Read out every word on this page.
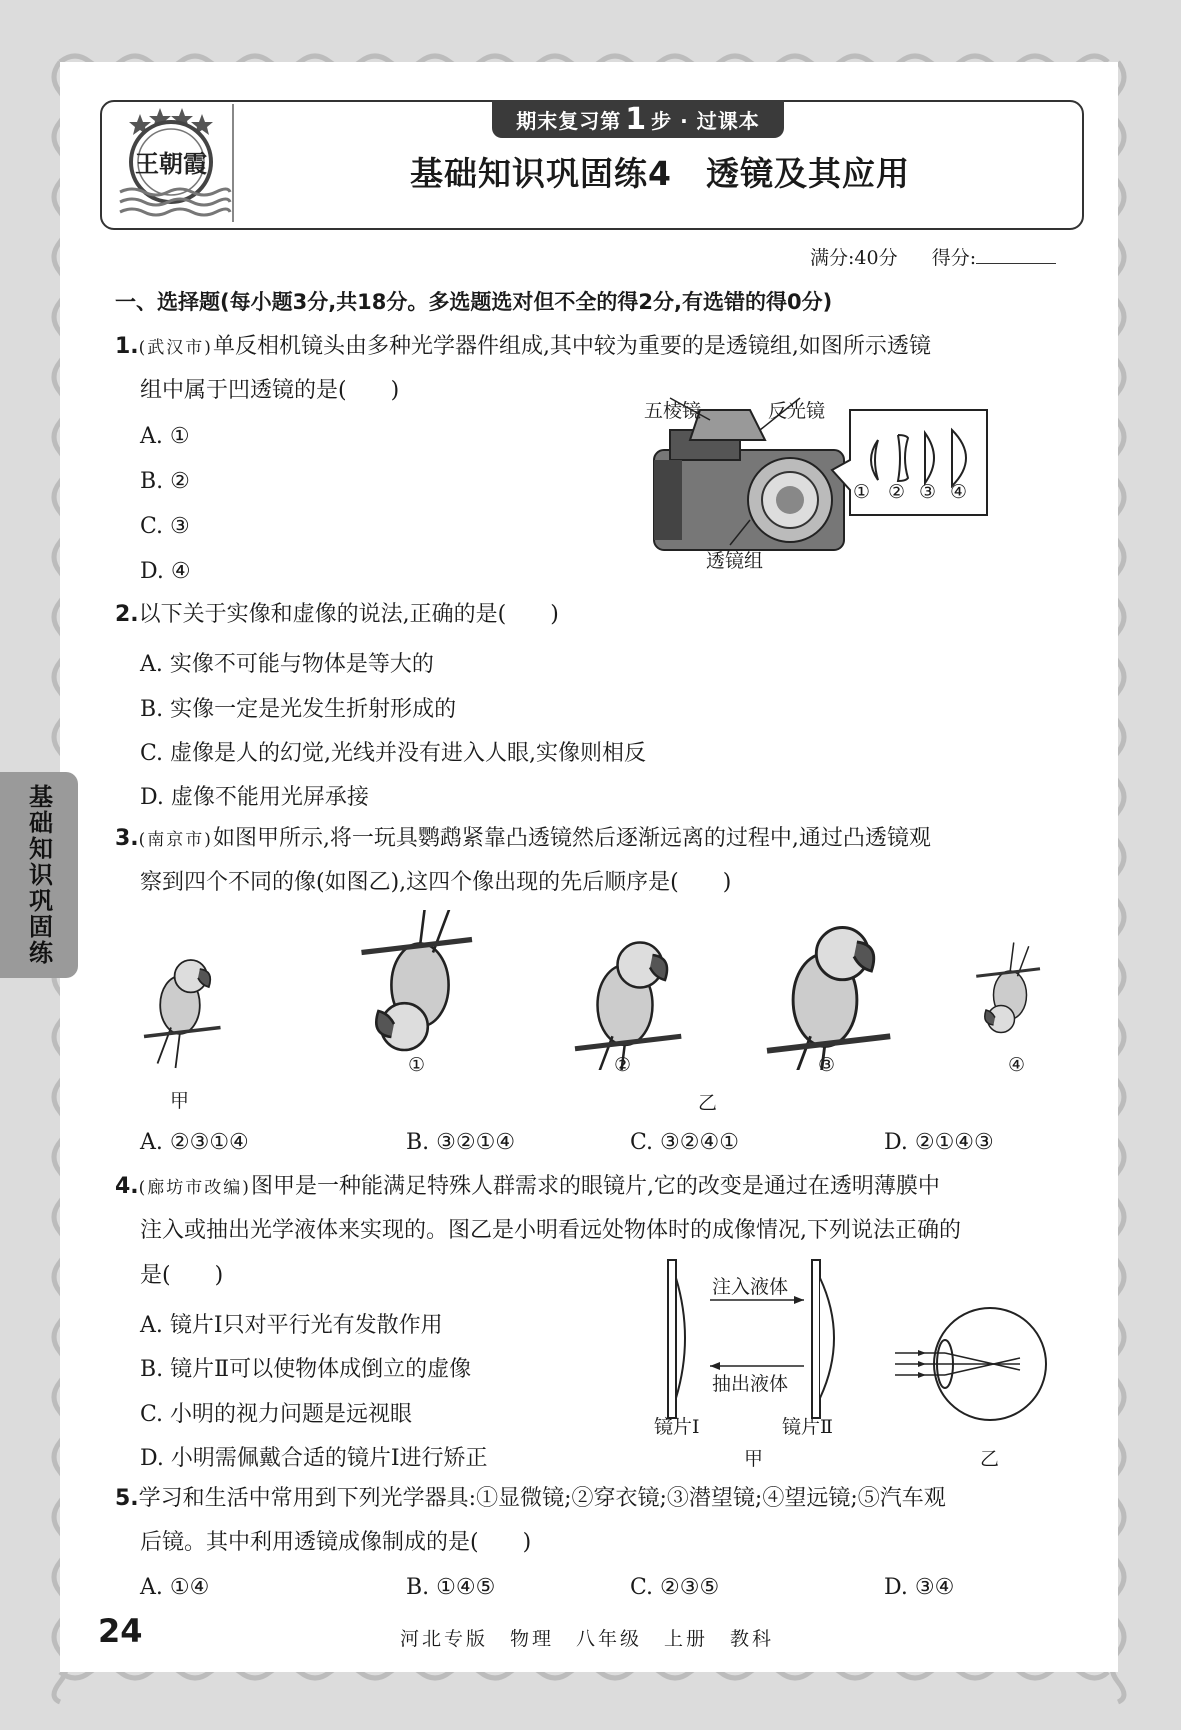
期末复习第 1 步 · 过课本
王朝霞	基础知识巩固练4　透镜及其应用
满分:40分 得分:
一、选择题(每小题3分,共18分。多选题选对但不全的得2分,有选错的得0分)
1.(武汉市)单反相机镜头由多种光学器件组成,其中较为重要的是透镜组,如图所示透镜
组中属于凹透镜的是(　　)
A. ①
B. ②
C. ③
D. ④
五棱镜	反光镜
透镜组
① ② ③ ④
2.以下关于实像和虚像的说法,正确的是(　　)
A. 实像不可能与物体是等大的
B. 实像一定是光发生折射形成的
C. 虚像是人的幻觉,光线并没有进入人眼,实像则相反
D. 虚像不能用光屏承接
基础知识巩固练	3.(南京市)如图甲所示,将一玩具鹦鹉紧靠凸透镜然后逐渐远离的过程中,通过凸透镜观
察到四个不同的像(如图乙),这四个像出现的先后顺序是(　　)
①	②	③	④
甲	乙
A. ②③①④	B. ③②①④	C. ③②④①	D. ②①④③
4.(廊坊市改编)图甲是一种能满足特殊人群需求的眼镜片,它的改变是通过在透明薄膜中
注入或抽出光学液体来实现的。图乙是小明看远处物体时的成像情况,下列说法正确的
是(　　)
A. 镜片Ⅰ只对平行光有发散作用
B. 镜片Ⅱ可以使物体成倒立的虚像
C. 小明的视力问题是远视眼
D. 小明需佩戴合适的镜片Ⅰ进行矫正
注入液体
抽出液体
镜片Ⅰ	镜片Ⅱ
甲	乙
5.学习和生活中常用到下列光学器具:①显微镜;②穿衣镜;③潜望镜;④望远镜;⑤汽车观
后镜。其中利用透镜成像制成的是(　　)
A. ①④	B. ①④⑤	C. ②③⑤	D. ③④
24	河北专版　物理　八年级　上册　教科
